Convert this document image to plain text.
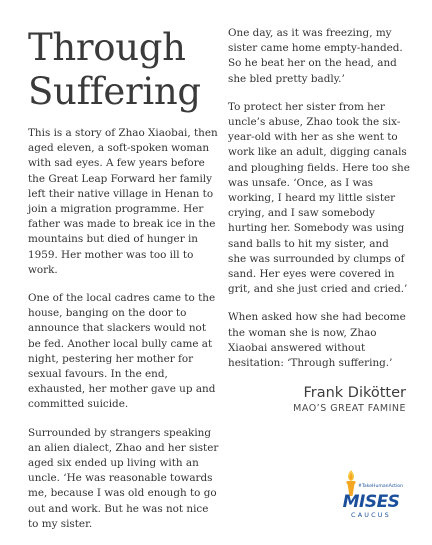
Through
Suffering

This is a story of Zhao Xiaobai, then aged eleven, a soft-spoken woman with sad eyes. A few years before the Great Leap Forward her family left their native village in Henan to join a migration programme. Her father was made to break ice in the mountains but died of hunger in 1959. Her mother was too ill to work.

One of the local cadres came to the house, banging on the door to announce that slackers would not be fed. Another local bully came at night, pestering her mother for sexual favours. In the end, exhausted, her mother gave up and committed suicide.

Surrounded by strangers speaking an alien dialect, Zhao and her sister aged six ended up living with an uncle. ‘He was reasonable towards me, because I was old enough to go out and work. But he was not nice to my sister.

One day, as it was freezing, my sister came home empty-handed. So he beat her on the head, and she bled pretty badly.’

To protect her sister from her uncle’s abuse, Zhao took the six-year-old with her as she went to work like an adult, digging canals and ploughing fields. Here too she was unsafe. ‘Once, as I was working, I heard my little sister crying, and I saw somebody hurting her. Somebody was using sand balls to hit my sister, and she was surrounded by clumps of sand. Her eyes were covered in grit, and she just cried and cried.’

When asked how she had become the woman she is now, Zhao Xiaobai answered without hesitation: ‘Through suffering.’

Frank Dikötter
MAO’S GREAT FAMINE
#TakeHumanAction
MISES
CAUCUS
